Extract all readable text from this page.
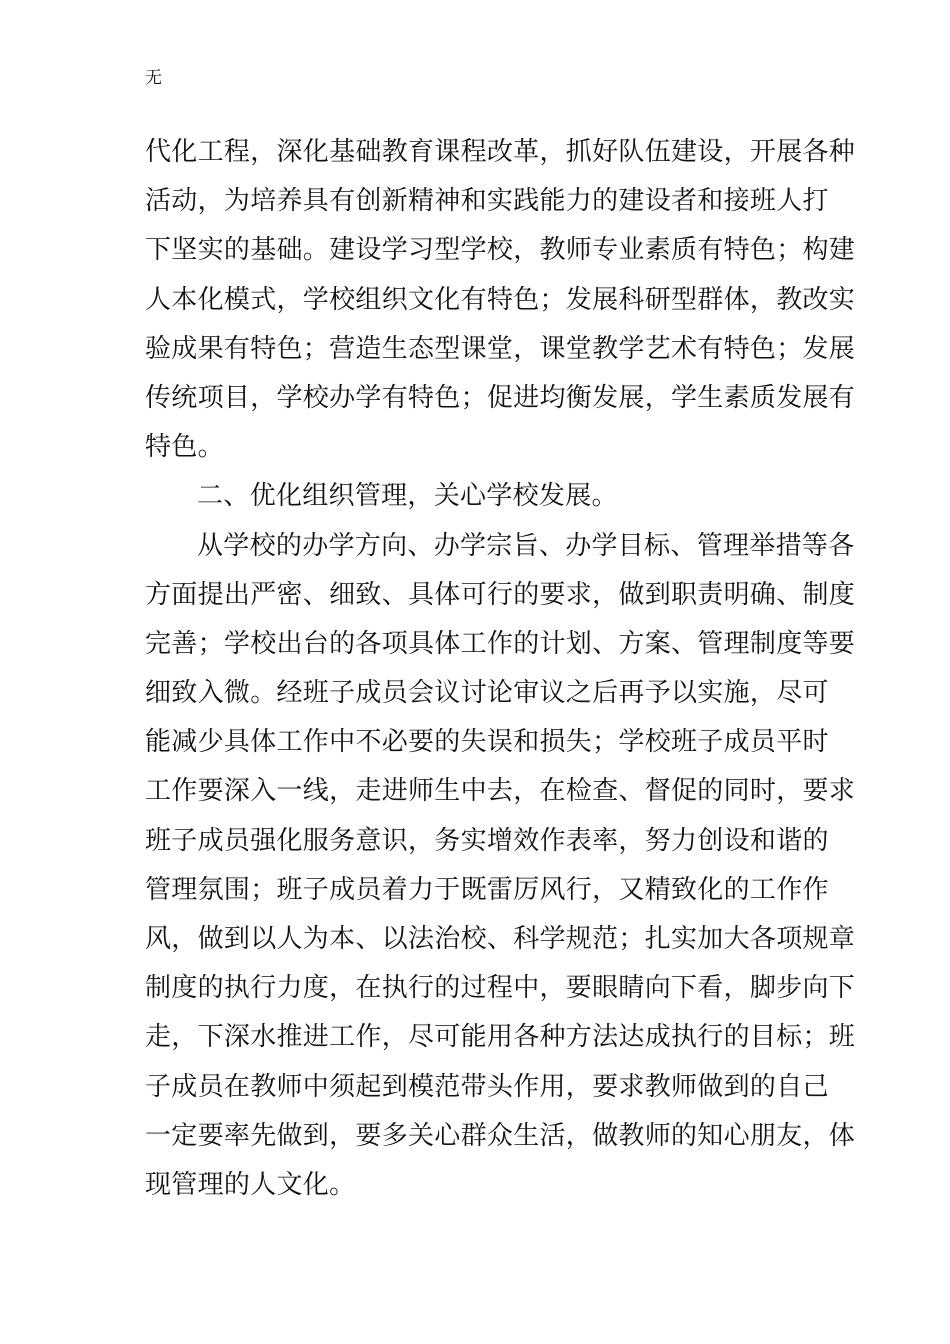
无
代化工程，深化基础教育课程改革，抓好队伍建设，开展各种
活动，为培养具有创新精神和实践能力的建设者和接班人打
下坚实的基础。建设学习型学校，教师专业素质有特色；构建
人本化模式，学校组织文化有特色；发展科研型群体，教改实
验成果有特色；营造生态型课堂，课堂教学艺术有特色；发展
传统项目，学校办学有特色；促进均衡发展，学生素质发展有
特色。
二、优化组织管理，关心学校发展。
从学校的办学方向、办学宗旨、办学目标、管理举措等各
方面提出严密、细致、具体可行的要求，做到职责明确、制度
完善；学校出台的各项具体工作的计划、方案、管理制度等要
细致入微。经班子成员会议讨论审议之后再予以实施，尽可
能减少具体工作中不必要的失误和损失；学校班子成员平时
工作要深入一线，走进师生中去，在检查、督促的同时，要求
班子成员强化服务意识，务实增效作表率，努力创设和谐的
管理氛围；班子成员着力于既雷厉风行，又精致化的工作作
风，做到以人为本、以法治校、科学规范；扎实加大各项规章
制度的执行力度，在执行的过程中，要眼睛向下看，脚步向下
走，下深水推进工作，尽可能用各种方法达成执行的目标；班
子成员在教师中须起到模范带头作用，要求教师做到的自己
一定要率先做到，要多关心群众生活，做教师的知心朋友，体
现管理的人文化。
